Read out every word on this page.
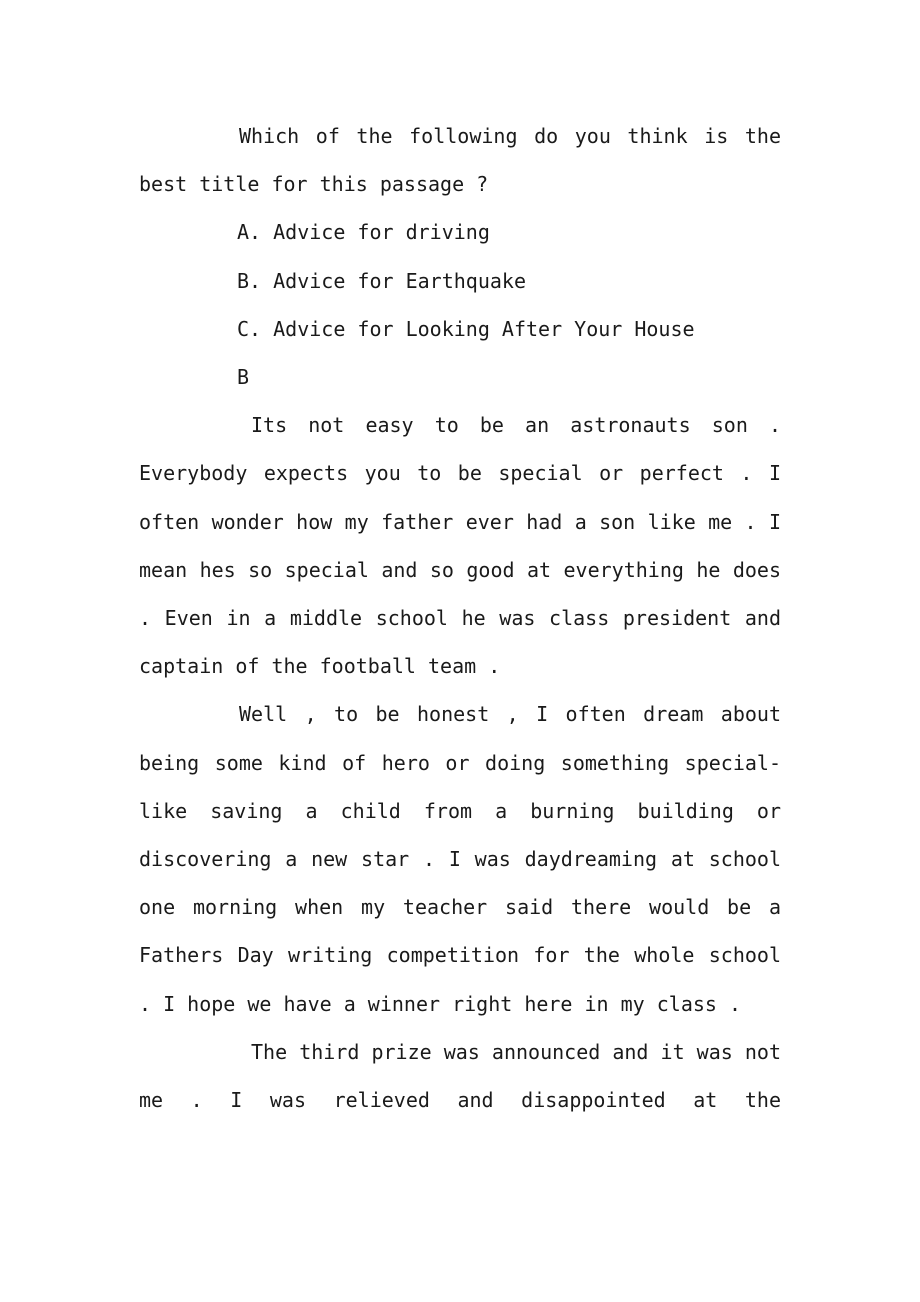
Which of the following do you think is the best title for this passage ?

A. Advice for driving

B. Advice for Earthquake

C. Advice for Looking After Your House

B

Its not easy to be an astronauts son . Everybody expects you to be special or perfect . I often wonder how my father ever had a son like me . I mean hes so special and so good at everything he does . Even in a middle school he was class president and captain of the football team .

Well , to be honest , I often dream about being some kind of hero or doing something special-like saving a child from a burning building or discovering a new star . I was daydreaming at school one morning when my teacher said there would be a Fathers Day writing competition for the whole school . I hope we have a winner right here in my class .

The third prize was announced and it was not me . I was relieved and disappointed at the
